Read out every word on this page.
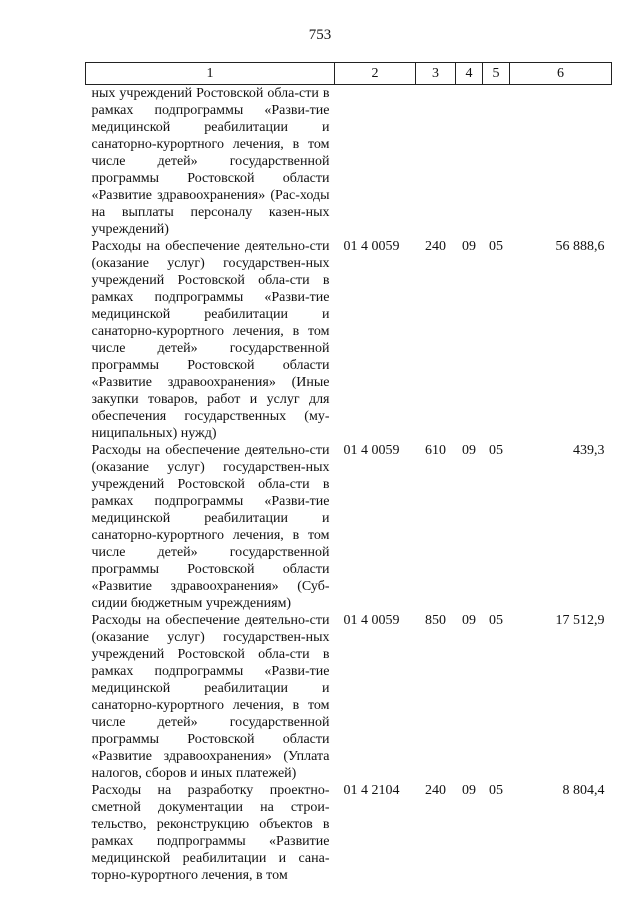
753
1	2	3	4	5	6
ных учреждений Ростовской обла-сти в рамках подпрограммы «Разви-тие медицинской реабилитации и санаторно-курортного лечения, в том числе детей» государственной программы Ростовской области «Развитие здравоохранения» (Рас-ходы на выплаты персоналу казен-ных учреждений)					
Расходы на обеспечение деятельно-сти (оказание услуг) государствен-ных учреждений Ростовской обла-сти в рамках подпрограммы «Разви-тие медицинской реабилитации и санаторно-курортного лечения, в том числе детей» государственной программы Ростовской области «Развитие здравоохранения» (Иные закупки товаров, работ и услуг для обеспечения государственных (му-ниципальных) нужд)	01 4 0059	240	09	05	56 888,6
Расходы на обеспечение деятельно-сти (оказание услуг) государствен-ных учреждений Ростовской обла-сти в рамках подпрограммы «Разви-тие медицинской реабилитации и санаторно-курортного лечения, в том числе детей» государственной программы Ростовской области «Развитие здравоохранения» (Суб-сидии бюджетным учреждениям)	01 4 0059	610	09	05	439,3
Расходы на обеспечение деятельно-сти (оказание услуг) государствен-ных учреждений Ростовской обла-сти в рамках подпрограммы «Разви-тие медицинской реабилитации и санаторно-курортного лечения, в том числе детей» государственной программы Ростовской области «Развитие здравоохранения» (Уплата налогов, сборов и иных платежей)	01 4 0059	850	09	05	17 512,9
Расходы на разработку проектно-сметной документации на строи-тельство, реконструкцию объектов в рамках подпрограммы «Развитие медицинской реабилитации и сана-торно-курортного лечения, в том	01 4 2104	240	09	05	8 804,4
